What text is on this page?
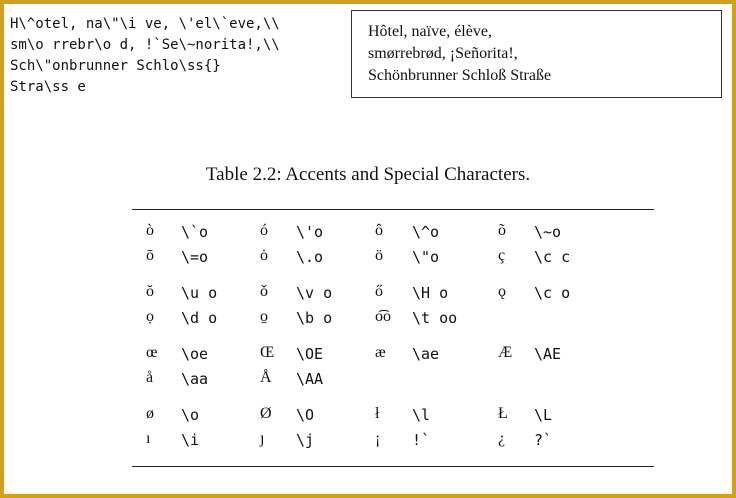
H\^otel, na\"\i ve, \'el\`eve,\\
sm\o rrebr\o d, !`Se\~norita!,\\
Sch\"onbrunner Schlo\ss{}
Stra\ss e
Hôtel, naïve, élève,
smørrebrød, ¡Señorita!,
Schönbrunner Schloß Straße
Table 2.2: Accents and Special Characters.
ò \`o	ó \'o	ô \^o	õ \~o
ō \=o	ȯ \.o	ö \"o	ç \c c
ŏ \u o	ǒ \v o	ő \H o	ǫ \c o
ọ \d o	o̱ \b o	o͡o \t oo
œ \oe	Œ \OE	æ \ae	Æ \AE
å \aa	Å \AA
ø \o	Ø \O	ł \l	Ł \L
ı \i	ȷ \j	¡ !`	¿ ?`
